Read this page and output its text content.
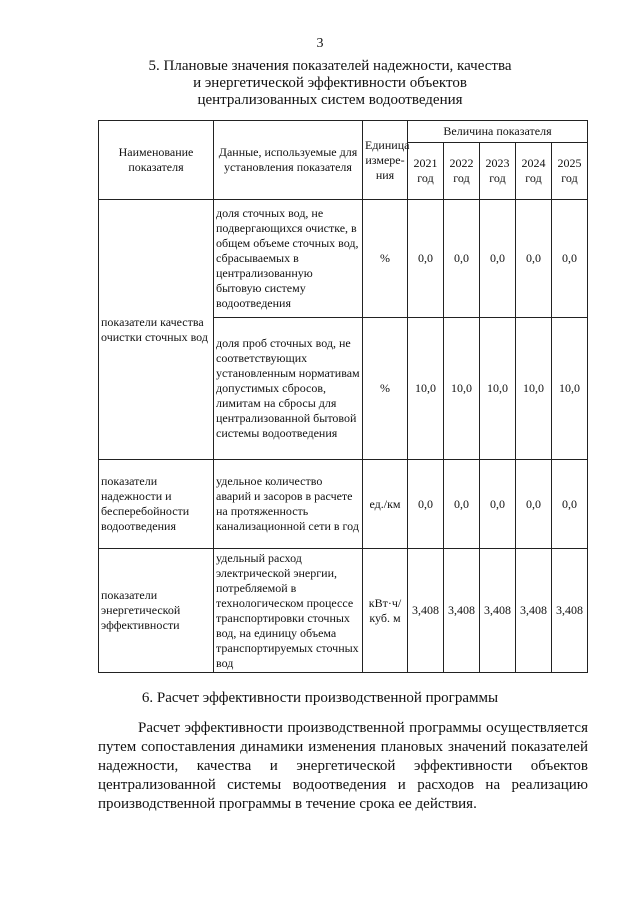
3
5. Плановые значения показателей надежности, качества
и энергетической эффективности объектов
централизованных систем водоотведения
Наименование показателя	Данные, используемые для установления показателя	Единица измере-ния	Величина показателя				
			2021 год	2022 год	2023 год	2024 год	2025 год
показатели качества очистки сточных вод	доля сточных вод, не подвергающихся очистке, в общем объеме сточных вод, сбрасываемых в централизованную бытовую систему водоотведения	%	0,0	0,0	0,0	0,0	0,0
	доля проб сточных вод, не соответствующих установленным нормативам допустимых сбросов, лимитам на сбросы для централизованной бытовой системы водоотведения	%	10,0	10,0	10,0	10,0	10,0
показатели надежности и бесперебойности водоотведения	удельное количество аварий и засоров в расчете на протяженность канализационной сети в год	ед./км	0,0	0,0	0,0	0,0	0,0
показатели энергетической эффективности	удельный расход электрической энергии, потребляемой в технологическом процессе транспортировки сточных вод, на единицу объема транспортируемых сточных вод	кВт·ч/ куб. м	3,408	3,408	3,408	3,408	3,408
6. Расчет эффективности производственной программы
Расчет эффективности производственной программы осуществляется путем сопоставления динамики изменения плановых значений показателей надежности, качества и энергетической эффективности объектов централизованной системы водоотведения и расходов на реализацию производственной программы в течение срока ее действия.
